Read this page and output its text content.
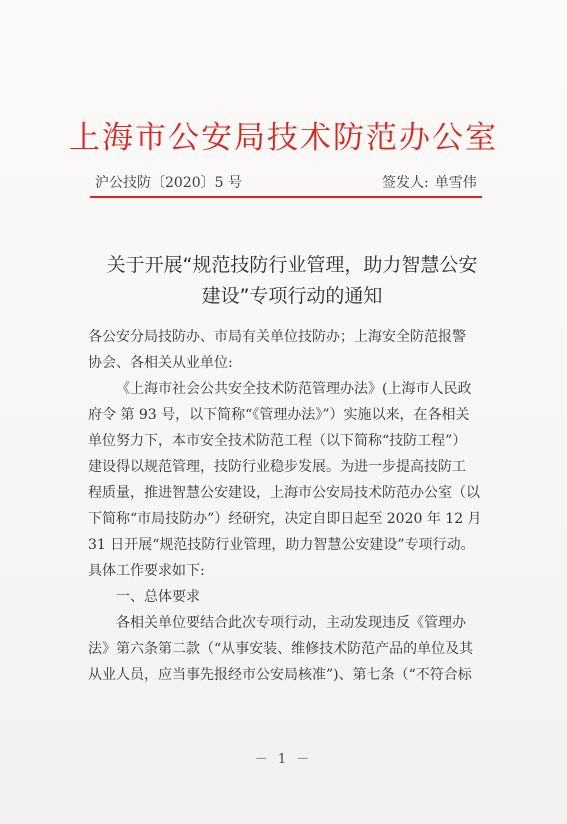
上海市公安局技术防范办公室
沪公技防〔2020〕5 号	签发人: 单雪伟
关于开展“规范技防行业管理，助力智慧公安
建设”专项行动的通知
各公安分局技防办、市局有关单位技防办；上海安全防范报警
协会、各相关从业单位:
《上海市社会公共安全技术防范管理办法》(上海市人民政
府令 第 93 号，以下简称“《管理办法》”）实施以来，在各相关
单位努力下，本市安全技术防范工程（以下简称“技防工程”）
建设得以规范管理，技防行业稳步发展。为进一步提高技防工
程质量，推进智慧公安建设，上海市公安局技术防范办公室（以
下简称“市局技防办”）经研究，决定自即日起至 2020 年 12 月
31 日开展“规范技防行业管理，助力智慧公安建设”专项行动。
具体工作要求如下:
一、总体要求
各相关单位要结合此次专项行动，主动发现违反《管理办
法》第六条第二款（“从事安装、维修技术防范产品的单位及其
从业人员，应当事先报经市公安局核准”)、第七条（“不符合标
－ 1 －
